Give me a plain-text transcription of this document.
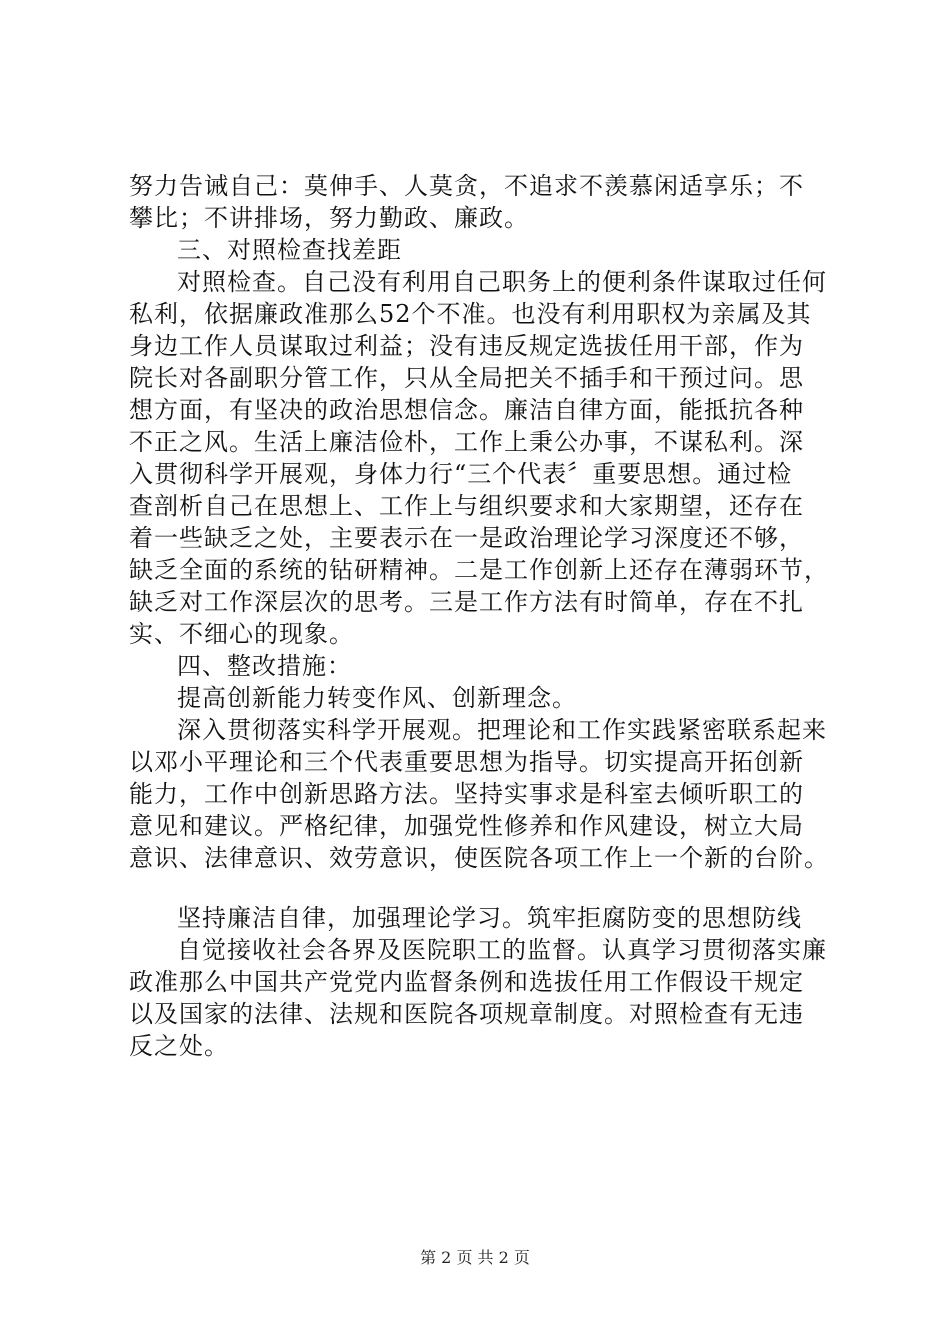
努力告诫自己：莫伸手、人莫贪，不追求不羡慕闲适享乐；不
攀比；不讲排场，努力勤政、廉政。
三、对照检查找差距
对照检查。自己没有利用自己职务上的便利条件谋取过任何
私利，依据廉政准那么52个不准。也没有利用职权为亲属及其
身边工作人员谋取过利益；没有违反规定选拔任用干部，作为
院长对各副职分管工作，只从全局把关不插手和干预过问。思
想方面，有坚决的政治思想信念。廉洁自律方面，能抵抗各种
不正之风。生活上廉洁俭朴，工作上秉公办事，不谋私利。深
入贯彻科学开展观，身体力行“三个代表〞重要思想。通过检
查剖析自己在思想上、工作上与组织要求和大家期望，还存在
着一些缺乏之处，主要表示在一是政治理论学习深度还不够，
缺乏全面的系统的钻研精神。二是工作创新上还存在薄弱环节，
缺乏对工作深层次的思考。三是工作方法有时简单，存在不扎
实、不细心的现象。
四、整改措施：
提高创新能力转变作风、创新理念。
深入贯彻落实科学开展观。把理论和工作实践紧密联系起来
以邓小平理论和三个代表重要思想为指导。切实提高开拓创新
能力，工作中创新思路方法。坚持实事求是科室去倾听职工的
意见和建议。严格纪律，加强党性修养和作风建设，树立大局
意识、法律意识、效劳意识，使医院各项工作上一个新的台阶。
坚持廉洁自律，加强理论学习。筑牢拒腐防变的思想防线
自觉接收社会各界及医院职工的监督。认真学习贯彻落实廉
政准那么中国共产党党内监督条例和选拔任用工作假设干规定
以及国家的法律、法规和医院各项规章制度。对照检查有无违
反之处。
第 2 页 共 2 页
